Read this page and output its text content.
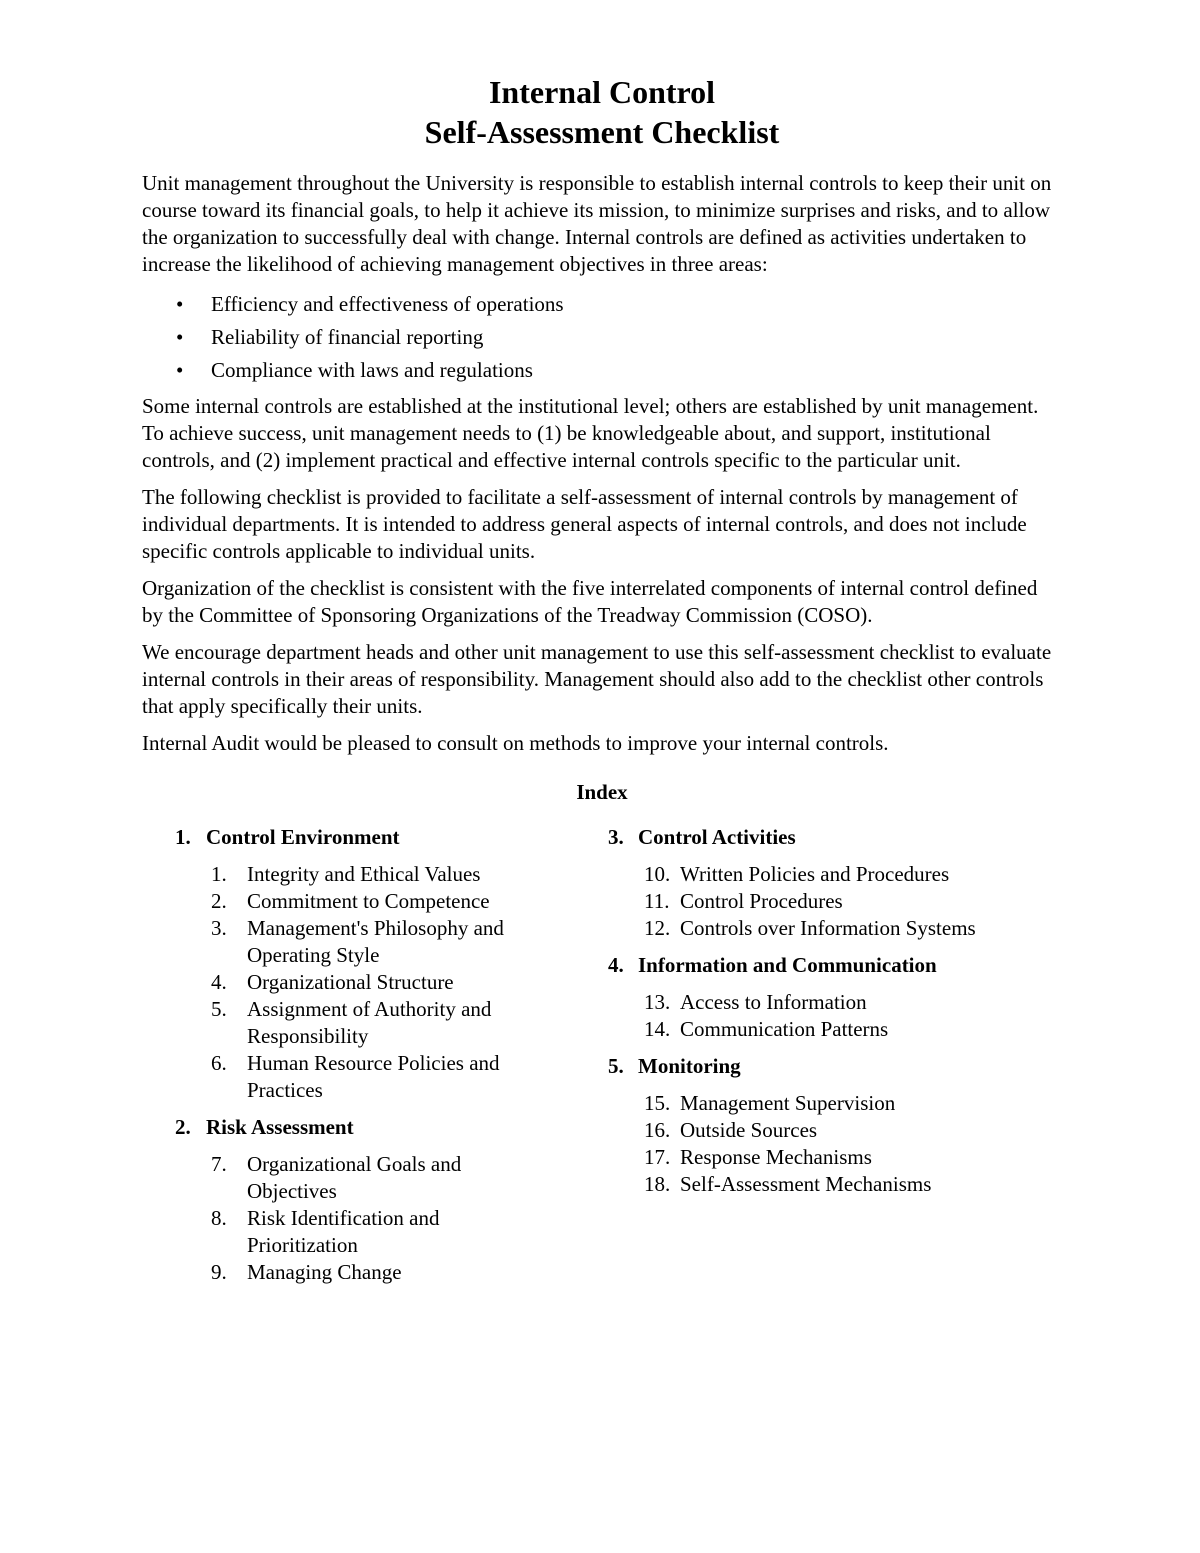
Internal Control
Self-Assessment Checklist

Unit management throughout the University is responsible to establish internal controls to keep their unit on course toward its financial goals, to help it achieve its mission, to minimize surprises and risks, and to allow the organization to successfully deal with change. Internal controls are defined as activities undertaken to increase the likelihood of achieving management objectives in three areas:

• Efficiency and effectiveness of operations
• Reliability of financial reporting
• Compliance with laws and regulations

Some internal controls are established at the institutional level; others are established by unit management. To achieve success, unit management needs to (1) be knowledgeable about, and support, institutional controls, and (2) implement practical and effective internal controls specific to the particular unit.

The following checklist is provided to facilitate a self-assessment of internal controls by management of individual departments. It is intended to address general aspects of internal controls, and does not include specific controls applicable to individual units.

Organization of the checklist is consistent with the five interrelated components of internal control defined by the Committee of Sponsoring Organizations of the Treadway Commission (COSO).

We encourage department heads and other unit management to use this self-assessment checklist to evaluate internal controls in their areas of responsibility. Management should also add to the checklist other controls that apply specifically their units.

Internal Audit would be pleased to consult on methods to improve your internal controls.

Index
1. Control Environment
1. Integrity and Ethical Values
2. Commitment to Competence
3. Management's Philosophy and Operating Style
4. Organizational Structure
5. Assignment of Authority and Responsibility
6. Human Resource Policies and Practices
2. Risk Assessment
7. Organizational Goals and Objectives
8. Risk Identification and Prioritization
9. Managing Change
3. Control Activities
10. Written Policies and Procedures
11. Control Procedures
12. Controls over Information Systems
4. Information and Communication
13. Access to Information
14. Communication Patterns
5. Monitoring
15. Management Supervision
16. Outside Sources
17. Response Mechanisms
18. Self-Assessment Mechanisms
